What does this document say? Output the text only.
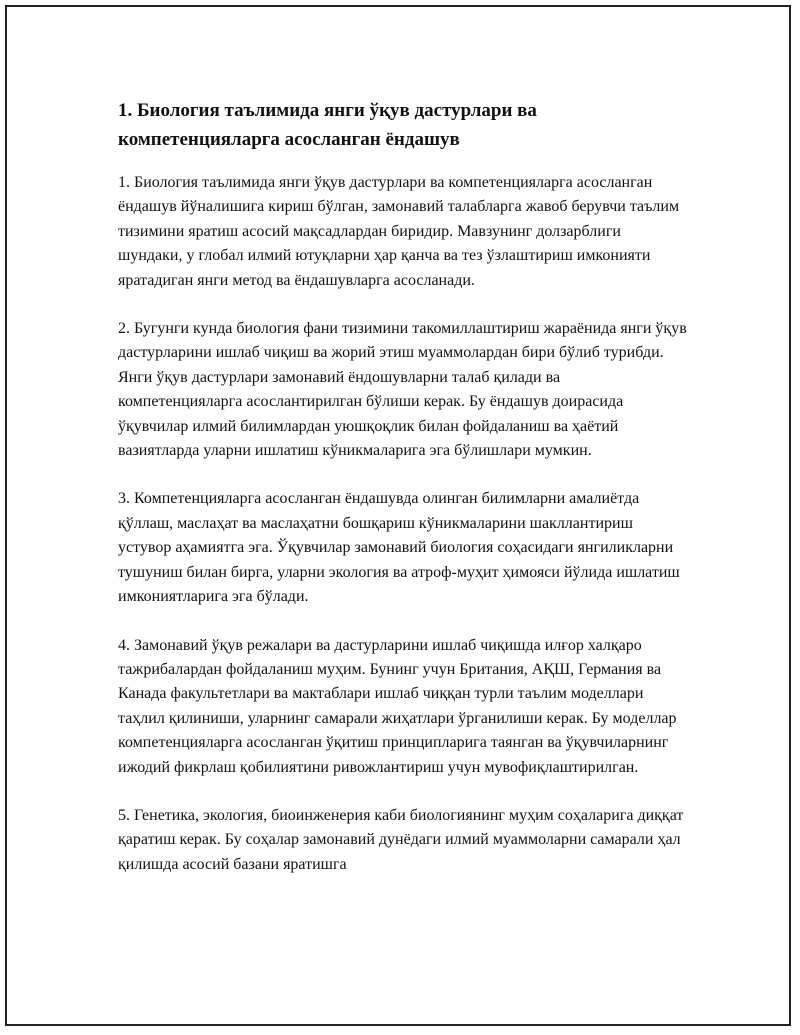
1. Биология таълимида янги ўқув дастурлари ва компетенцияларга асосланган ёндашув

1. Биология таълимида янги ўқув дастурлари ва компетенцияларга асосланган ёндашув йўналишига кириш бўлган, замонавий талабларга жавоб берувчи таълим тизимини яратиш асосий мақсадлардан биридир. Мавзунинг долзарблиги шундаки, у глобал илмий ютуқларни ҳар қанча ва тез ўзлаштириш имконияти яратадиган янги метод ва ёндашувларга асосланади.

2. Бугунги кунда биология фани тизимини такомиллаштириш жараёнида янги ўқув дастурларини ишлаб чиқиш ва жорий этиш муаммолардан бири бўлиб турибди. Янги ўқув дастурлари замонавий ёндошувларни талаб қилади ва компетенцияларга асослантирилган бўлиши керак. Бу ёндашув доирасида ўқувчилар илмий билимлардан уюшқоқлик билан фойдаланиш ва ҳаётий вазиятларда уларни ишлатиш кўникмаларига эга бўлишлари мумкин.

3. Компетенцияларга асосланган ёндашувда олинган билимларни амалиётда қўллаш, маслаҳат ва маслаҳатни бошқариш кўникмаларини шакллантириш устувор аҳамиятга эга. Ўқувчилар замонавий биология соҳасидаги янгиликларни тушуниш билан бирга, уларни экология ва атроф-муҳит ҳимояси йўлида ишлатиш имкониятларига эга бўлади.

4. Замонавий ўқув режалари ва дастурларини ишлаб чиқишда илғор халқаро тажрибалардан фойдаланиш муҳим. Бунинг учун Британия, АҚШ, Германия ва Канада факультетлари ва мактаблари ишлаб чиққан турли таълим моделлари таҳлил қилиниши, уларнинг самарали жиҳатлари ўрганилиши керак. Бу моделлар компетенцияларга асосланган ўқитиш принципларига таянган ва ўқувчиларнинг ижодий фикрлаш қобилиятини ривожлантириш учун мувофиқлаштирилган.

5. Генетика, экология, биоинженерия каби биологиянинг муҳим соҳаларига диққат қаратиш керак. Бу соҳалар замонавий дунёдаги илмий муаммоларни самарали ҳал қилишда асосий базани яратишга
